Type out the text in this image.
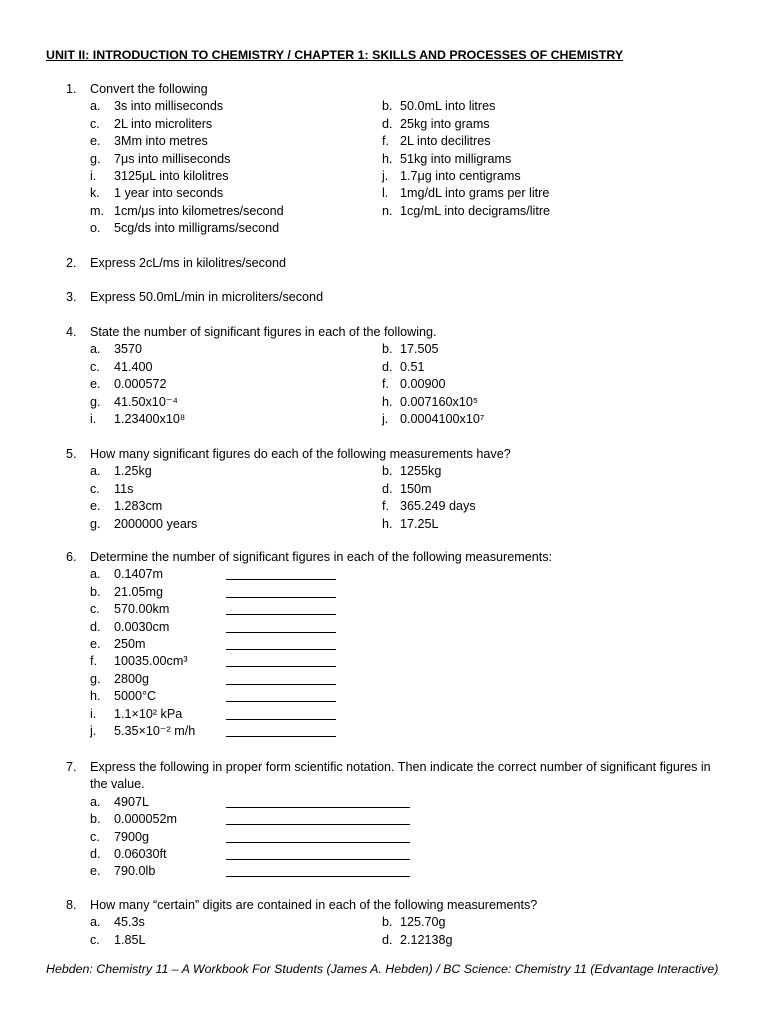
UNIT II: INTRODUCTION TO CHEMISTRY / CHAPTER 1: SKILLS AND PROCESSES OF CHEMISTRY
1.	Convert the following
a.	3s into milliseconds	b. 50.0mL into litres
c.	2L into microliters	d. 25kg into grams
e.	3Mm into metres	f. 2L into decilitres
g.	7μs into milliseconds	h. 51kg into milligrams
i.	3125μL into kilolitres	j. 1.7μg into centigrams
k.	1 year into seconds	l. 1mg/dL into grams per litre
m. 1cm/μs into kilometres/second	n. 1cg/mL into decigrams/litre
o.	5cg/ds into milligrams/second
2.	Express 2cL/ms in kilolitres/second
3.	Express 50.0mL/min in microliters/second
4.	State the number of significant figures in each of the following.
a.	3570	b. 17.505
c.	41.400	d. 0.51
e.	0.000572	f. 0.00900
g.	41.50x10⁻⁴	h. 0.007160x10⁵
i.	1.23400x10⁸	j. 0.0004100x10⁷
5.	How many significant figures do each of the following measurements have?
a.	1.25kg	b. 1255kg
c.	11s	d. 150m
e.	1.283cm	f. 365.249 days
g.	2000000 years	h. 17.25L
6.	Determine the number of significant figures in each of the following measurements:
a.	0.1407m
b.	21.05mg
c.	570.00km
d.	0.0030cm
e.	250m
f.	10035.00cm³
g.	2800g
h.	5000°C
i.	1.1×10² kPa
j.	5.35×10⁻² m/h
7.	Express the following in proper form scientific notation. Then indicate the correct number of significant figures in the value.
a.	4907L
b.	0.000052m
c.	7900g
d.	0.06030ft
e.	790.0lb
8.	How many “certain” digits are contained in each of the following measurements?
a.	45.3s	b. 125.70g
c.	1.85L	d. 2.12138g
Hebden: Chemistry 11 – A Workbook For Students (James A. Hebden) / BC Science: Chemistry 11 (Edvantage Interactive)
